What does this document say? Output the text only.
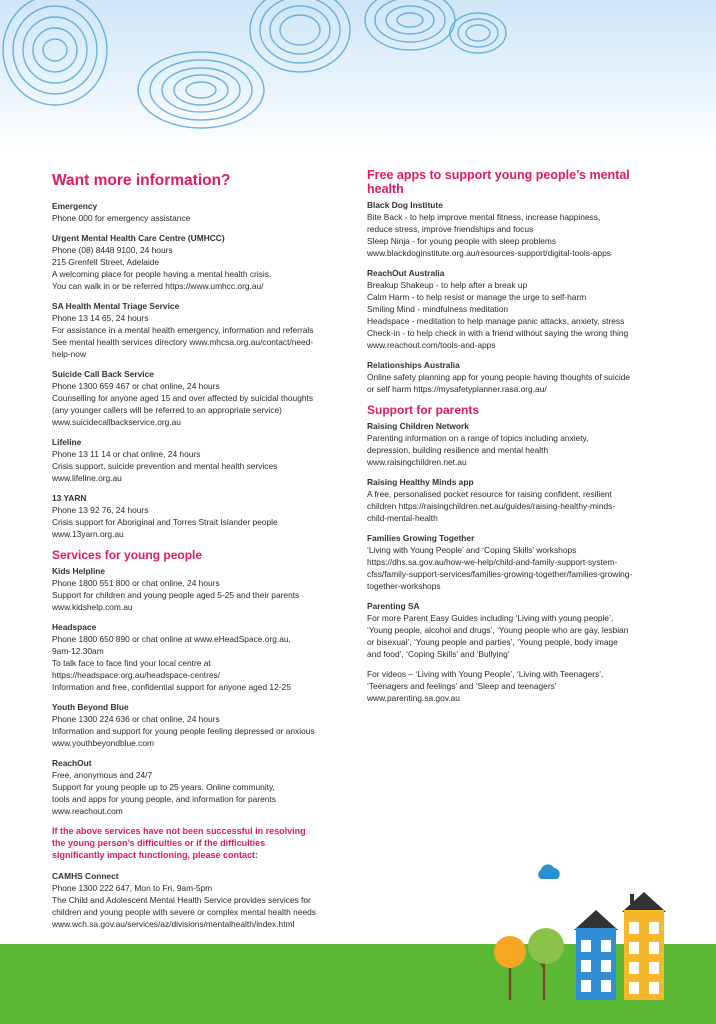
Want more information?
Emergency
Phone 000 for emergency assistance
Urgent Mental Health Care Centre (UMHCC)
Phone (08) 8448 9100, 24 hours
215 Grenfell Street, Adelaide
A welcoming place for people having a mental health crisis.
You can walk in or be referred https://www.umhcc.org.au/
SA Health Mental Triage Service
Phone 13 14 65, 24 hours
For assistance in a mental health emergency, information and referrals
See mental health services directory www.mhcsa.org.au/contact/need-
help-now
Suicide Call Back Service
Phone 1300 659 467 or chat online, 24 hours
Counselling for anyone aged 15 and over affected by suicidal thoughts
(any younger callers will be referred to an appropriate service)
www.suicidecallbackservice.org.au
Lifeline
Phone 13 11 14 or chat online, 24 hours
Crisis support, suicide prevention and mental health services
www.lifeline.org.au
13 YARN
Phone 13 92 76, 24 hours
Crisis support for Aboriginal and Torres Strait Islander people
www.13yarn.org.au
Services for young people
Kids Helpline
Phone 1800 551 800 or chat online, 24 hours
Support for children and young people aged 5-25 and their parents
www.kidshelp.com.au
Headspace
Phone 1800 650 890 or chat online at www.eHeadSpace.org.au,
9am-12.30am
To talk face to face find your local centre at
https://headspace.org.au/headspace-centres/
Information and free, confidential support for anyone aged 12-25
Youth Beyond Blue
Phone 1300 224 636 or chat online, 24 hours
Information and support for young people feeling depressed or anxious
www.youthbeyondblue.com
ReachOut
Free, anonymous and 24/7
Support for young people up to 25 years. Online community,
tools and apps for young people, and information for parents
www.reachout.com
If the above services have not been successful in resolving
the young person’s difficulties or if the difficulties
significantly impact functioning, please contact:
CAMHS Connect
Phone 1300 222 647, Mon to Fri, 9am-5pm
The Child and Adolescent Mental Health Service provides services for
children and young people with severe or complex mental health needs
www.wch.sa.gov.au/services/az/divisions/mentalhealth/index.html
Free apps to support young people’s mental health
Black Dog Institute
Bite Back - to help improve mental fitness, increase happiness,
reduce stress, improve friendships and focus
Sleep Ninja - for young people with sleep problems
www.blackdoginstitute.org.au/resources-support/digital-tools-apps
ReachOut Australia
Breakup Shakeup - to help after a break up
Calm Harm - to help resist or manage the urge to self-harm
Smiling Mind - mindfulness meditation
Headspace - meditation to help manage panic attacks, anxiety, stress
Check-in - to help check in with a friend without saying the wrong thing
www.reachout.com/tools-and-apps
Relationships Australia
Online safety planning app for young people having thoughts of suicide
or self harm https://mysafetyplanner.rasa.org.au/
Support for parents
Raising Children Network
Parenting information on a range of topics including anxiety,
depression, building resilience and mental health
www.raisingchildren.net.au
Raising Healthy Minds app
A free, personalised pocket resource for raising confident, resilient
children https://raisingchildren.net.au/guides/raising-healthy-minds-
child-mental-health
Families Growing Together
‘Living with Young People’ and ‘Coping Skills’ workshops
https://dhs.sa.gov.au/how-we-help/child-and-family-support-system-
cfss/family-support-services/families-growing-together/families-growing-
together-workshops
Parenting SA
For more Parent Easy Guides including ‘Living with young people’,
‘Young people, alcohol and drugs’, ‘Young people who are gay, lesbian
or bisexual’, ‘Young people and parties’, ‘Young people, body image
and food’, ‘Coping Skills’ and ‘Bullying’
For videos – ‘Living with Young People’, ‘Living with Teenagers’,
‘Teenagers and feelings’ and ‘Sleep and teenagers’
www.parenting.sa.gov.au
